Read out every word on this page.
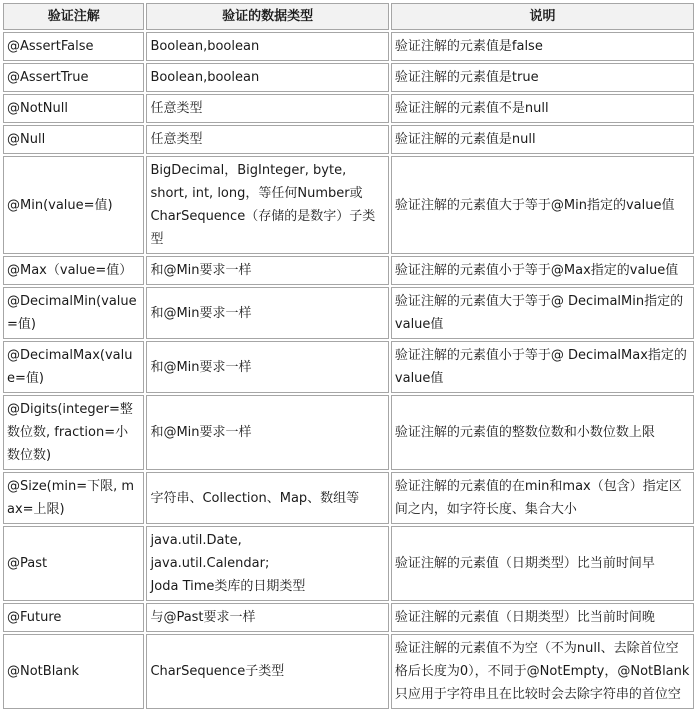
验证注解	验证的数据类型	说明
@AssertFalse	Boolean,boolean	验证注解的元素值是false

@AssertTrue	Boolean,boolean	验证注解的元素值是true

@NotNull	任意类型	验证注解的元素值不是null

@Null	任意类型	验证注解的元素值是null

@Min(value=值)	BigDecimal，BigInteger, byte,
short, int, long，等任何Number或
CharSequence（存储的是数字）子类型	验证注解的元素值大于等于@Min指定的value值

@Max（value=值）	和@Min要求一样	验证注解的元素值小于等于@Max指定的value值

@DecimalMin(value=值)	和@Min要求一样	验证注解的元素值大于等于@ DecimalMin指定的
value值

@DecimalMax(value=值)	和@Min要求一样	验证注解的元素值小于等于@ DecimalMax指定的
value值

@Digits(integer=整数位数, fraction=小数位数)	和@Min要求一样	验证注解的元素值的整数位数和小数位数上限

@Size(min=下限, max=上限)	字符串、Collection、Map、数组等	验证注解的元素值的在min和max（包含）指定区
间之内，如字符长度、集合大小

@Past	java.util.Date,
java.util.Calendar;
Joda Time类库的日期类型	验证注解的元素值（日期类型）比当前时间早

@Future	与@Past要求一样	验证注解的元素值（日期类型）比当前时间晚

@NotBlank	CharSequence子类型	验证注解的元素值不为空（不为null、去除首位空
格后长度为0），不同于@NotEmpty，@NotBlank
只应用于字符串且在比较时会去除字符串的首位空
